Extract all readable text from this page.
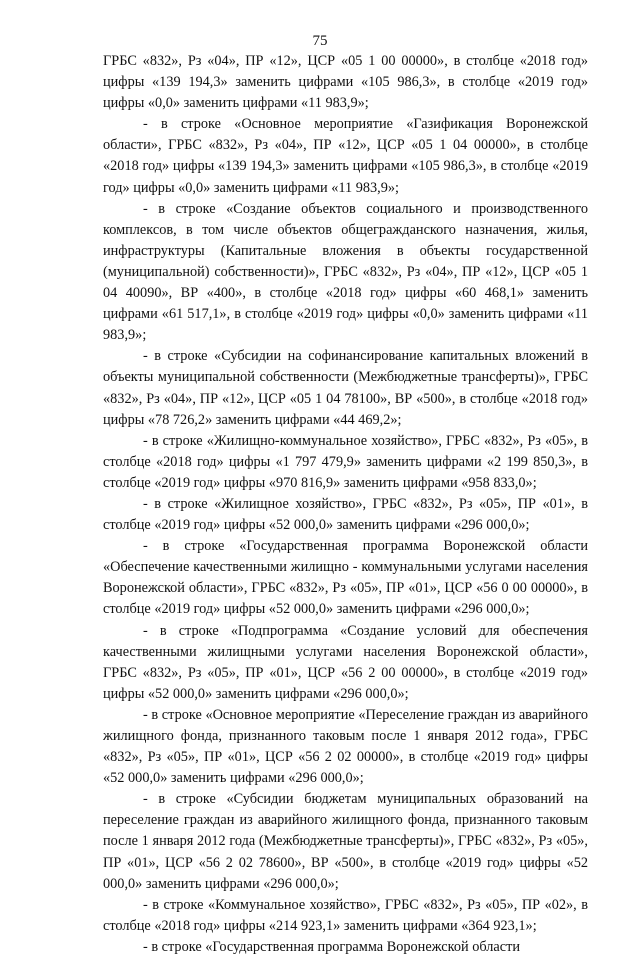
75

ГРБС «832», Рз «04», ПР «12», ЦСР «05 1 00 00000», в столбце «2018 год» цифры «139 194,3» заменить цифрами «105 986,3», в столбце «2019 год» цифры «0,0» заменить цифрами «11 983,9»;

- в строке «Основное мероприятие «Газификация Воронежской области», ГРБС «832», Рз «04», ПР «12», ЦСР «05 1 04 00000», в столбце «2018 год» цифры «139 194,3» заменить цифрами «105 986,3», в столбце «2019 год» цифры «0,0» заменить цифрами «11 983,9»;

- в строке «Создание объектов социального и производственного комплексов, в том числе объектов общегражданского назначения, жилья, инфраструктуры (Капитальные вложения в объекты государственной (муниципальной) собственности)», ГРБС «832», Рз «04», ПР «12», ЦСР «05 1 04 40090», ВР «400», в столбце «2018 год» цифры «60 468,1» заменить цифрами «61 517,1», в столбце «2019 год» цифры «0,0» заменить цифрами «11 983,9»;

- в строке «Субсидии на софинансирование капитальных вложений в объекты муниципальной собственности (Межбюджетные трансферты)», ГРБС «832», Рз «04», ПР «12», ЦСР «05 1 04 78100», ВР «500», в столбце «2018 год» цифры «78 726,2» заменить цифрами «44 469,2»;

- в строке «Жилищно-коммунальное хозяйство», ГРБС «832», Рз «05», в столбце «2018 год» цифры «1 797 479,9» заменить цифрами «2 199 850,3», в столбце «2019 год» цифры «970 816,9» заменить цифрами «958 833,0»;

- в строке «Жилищное хозяйство», ГРБС «832», Рз «05», ПР «01», в столбце «2019 год» цифры «52 000,0» заменить цифрами «296 000,0»;

- в строке «Государственная программа Воронежской области «Обеспечение качественными жилищно - коммунальными услугами населения Воронежской области», ГРБС «832», Рз «05», ПР «01», ЦСР «56 0 00 00000», в столбце «2019 год» цифры «52 000,0» заменить цифрами «296 000,0»;

- в строке «Подпрограмма «Создание условий для обеспечения качественными жилищными услугами населения Воронежской области», ГРБС «832», Рз «05», ПР «01», ЦСР «56 2 00 00000», в столбце «2019 год» цифры «52 000,0» заменить цифрами «296 000,0»;

- в строке «Основное мероприятие «Переселение граждан из аварийного жилищного фонда, признанного таковым после 1 января 2012 года», ГРБС «832», Рз «05», ПР «01», ЦСР «56 2 02 00000», в столбце «2019 год» цифры «52 000,0» заменить цифрами «296 000,0»;

- в строке «Субсидии бюджетам муниципальных образований на переселение граждан из аварийного жилищного фонда, признанного таковым после 1 января 2012 года (Межбюджетные трансферты)», ГРБС «832», Рз «05», ПР «01», ЦСР «56 2 02 78600», ВР «500», в столбце «2019 год» цифры «52 000,0» заменить цифрами «296 000,0»;

- в строке «Коммунальное хозяйство», ГРБС «832», Рз «05», ПР «02», в столбце «2018 год» цифры «214 923,1» заменить цифрами «364 923,1»;

- в строке «Государственная программа Воронежской области
